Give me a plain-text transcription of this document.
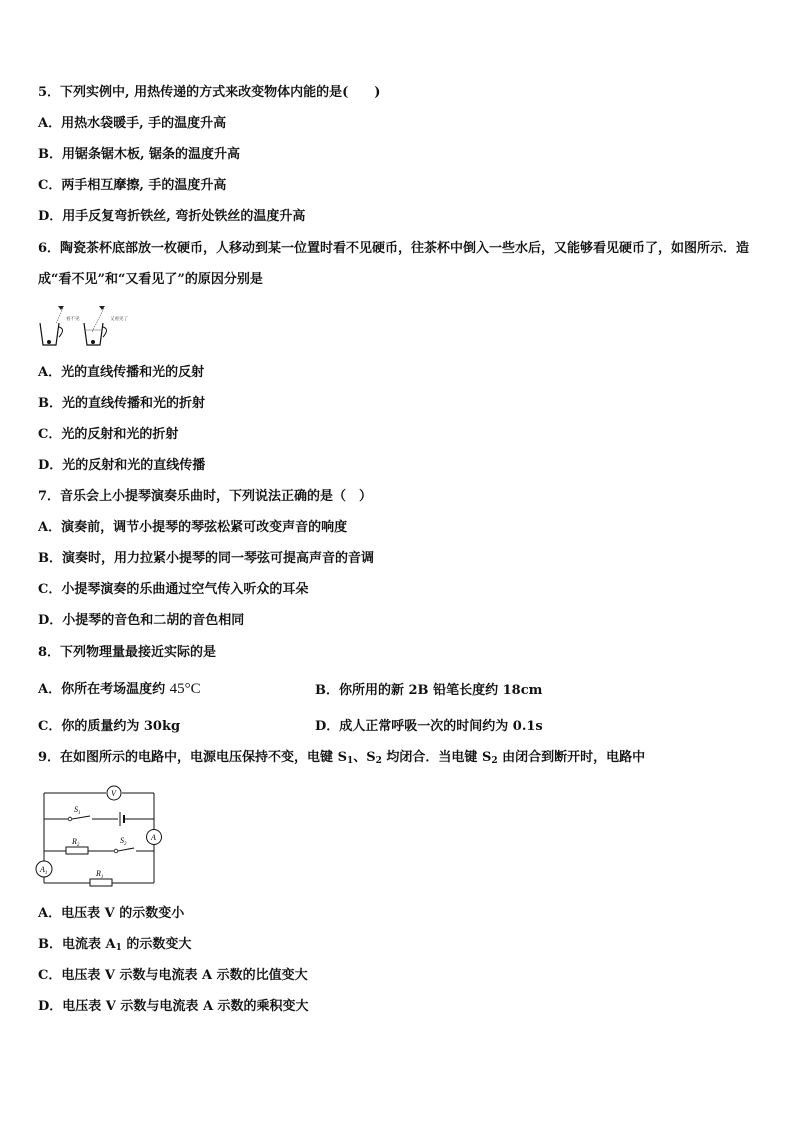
5．下列实例中, 用热传递的方式来改变物体内能的是(　　)
A．用热水袋暖手, 手的温度升高
B．用锯条锯木板, 锯条的温度升高
C．两手相互摩擦, 手的温度升高
D．用手反复弯折铁丝, 弯折处铁丝的温度升高
6．陶瓷茶杯底部放一枚硬币，人移动到某一位置时看不见硬币，往茶杯中倒入一些水后，又能够看见硬币了，如图所示．造成“看不见”和“又看见了”的原因分别是
看不见	又看见了
A．光的直线传播和光的反射
B．光的直线传播和光的折射
C．光的反射和光的折射
D．光的反射和光的直线传播
7．音乐会上小提琴演奏乐曲时，下列说法正确的是（　）
A．演奏前，调节小提琴的琴弦松紧可改变声音的响度
B．演奏时，用力拉紧小提琴的同一琴弦可提高声音的音调
C．小提琴演奏的乐曲通过空气传入听众的耳朵
D．小提琴的音色和二胡的音色相同
8．下列物理量最接近实际的是
A．你所在考场温度约 45°C	B．你所用的新 2B 铅笔长度约 18cm
C．你的质量约为 30kg	D．成人正常呼吸一次的时间约为 0.1s
9．在如图所示的电路中，电源电压保持不变，电键 $S_1$、$S_2$ 均闭合．当电键 $S_2$ 由闭合到断开时，电路中
V
$S_1$
A
$R_2$
$S_2$
$A_1$	$R_1$
A．电压表 V 的示数变小
B．电流表 $A_1$ 的示数变大
C．电压表 V 示数与电流表 A 示数的比值变大
D．电压表 V 示数与电流表 A 示数的乘积变大
